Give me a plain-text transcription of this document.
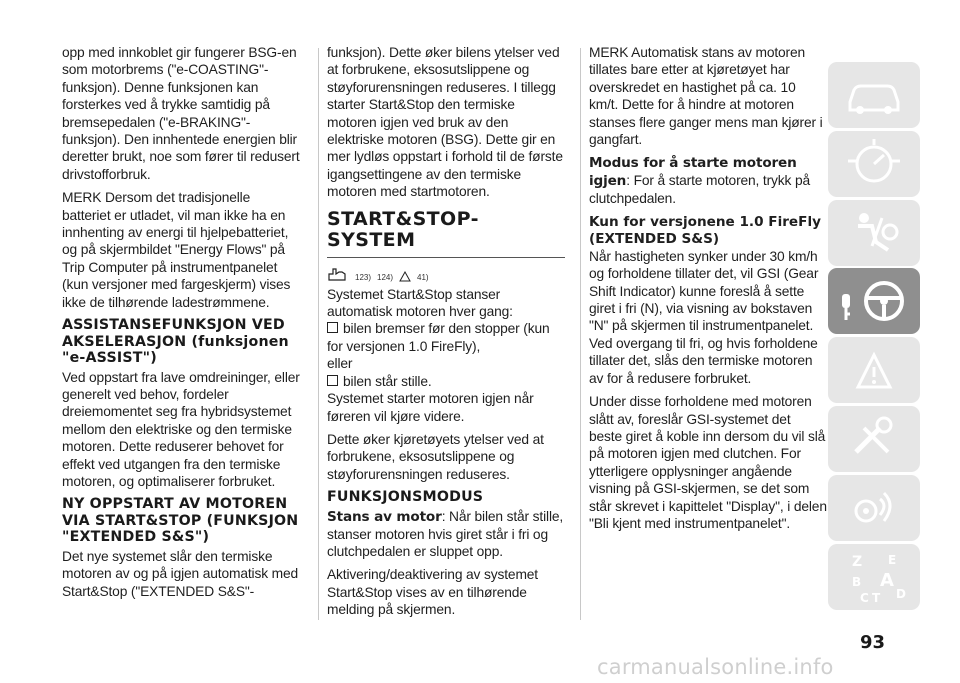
opp med innkoblet gir fungerer BSG-en som motorbrems ("e-COASTING"-funksjon). Denne funksjonen kan forsterkes ved å trykke samtidig på bremsepedalen ("e-BRAKING"-funksjon). Den innhentede energien blir deretter brukt, noe som fører til redusert drivstofforbruk.

MERK Dersom det tradisjonelle batteriet er utladet, vil man ikke ha en innhenting av energi til hjelpebatteriet, og på skjermbildet "Energy Flows" på Trip Computer på instrumentpanelet (kun versjoner med fargeskjerm) vises ikke de tilhørende ladestrømmene.

ASSISTANSEFUNKSJON VED AKSELERASJON (funksjonen "e-ASSIST")

Ved oppstart fra lave omdreininger, eller generelt ved behov, fordeler dreiemomentet seg fra hybridsystemet mellom den elektriske og den termiske motoren. Dette reduserer behovet for effekt ved utgangen fra den termiske motoren, og optimaliserer forbruket.

NY OPPSTART AV MOTOREN VIA START&STOP (FUNKSJON "EXTENDED S&S")

Det nye systemet slår den termiske motoren av og på igjen automatisk med Start&Stop ("EXTENDED S&S"-

funksjon). Dette øker bilens ytelser ved at forbrukene, eksosutslippene og støyforurensningen reduseres. I tillegg starter Start&Stop den termiske motoren igjen ved bruk av den elektriske motoren (BSG). Dette gir en mer lydløs oppstart i forhold til de første igangsettingene av den termiske motoren med startmotoren.

START&STOP-SYSTEM
123) 124)	41)

Systemet Start&Stop stanser automatisk motoren hver gang:

bilen bremser før den stopper (kun for versjonen 1.0 FireFly),

eller

bilen står stille.

Systemet starter motoren igjen når føreren vil kjøre videre.

Dette øker kjøretøyets ytelser ved at forbrukene, eksosutslippene og støyforurensningen reduseres.

FUNKSJONSMODUS

Stans av motor: Når bilen står stille, stanser motoren hvis giret står i fri og clutchpedalen er sluppet opp.

Aktivering/deaktivering av systemet Start&Stop vises av en tilhørende melding på skjermen.

MERK Automatisk stans av motoren tillates bare etter at kjøretøyet har overskredet en hastighet på ca. 10 km/t. Dette for å hindre at motoren stanses flere ganger mens man kjører i gangfart.

Modus for å starte motoren igjen: For å starte motoren, trykk på clutchpedalen.

Kun for versjonene 1.0 FireFly (EXTENDED S&S)

Når hastigheten synker under 30 km/h og forholdene tillater det, vil GSI (Gear Shift Indicator) kunne foreslå å sette giret i fri (N), via visning av bokstaven "N" på skjermen til instrumentpanelet. Ved overgang til fri, og hvis forholdene tillater det, slås den termiske motoren av for å redusere forbruket.

Under disse forholdene med motoren slått av, foreslår GSI-systemet det beste giret å koble inn dersom du vil slå på motoren igjen med clutchen. For ytterligere opplysninger angående visning på GSI-skjermen, se det som står skrevet i kapittelet "Display", i delen "Bli kjent med instrumentpanelet".

Z E
B A
C D
T
93
carmanualsonline.info
